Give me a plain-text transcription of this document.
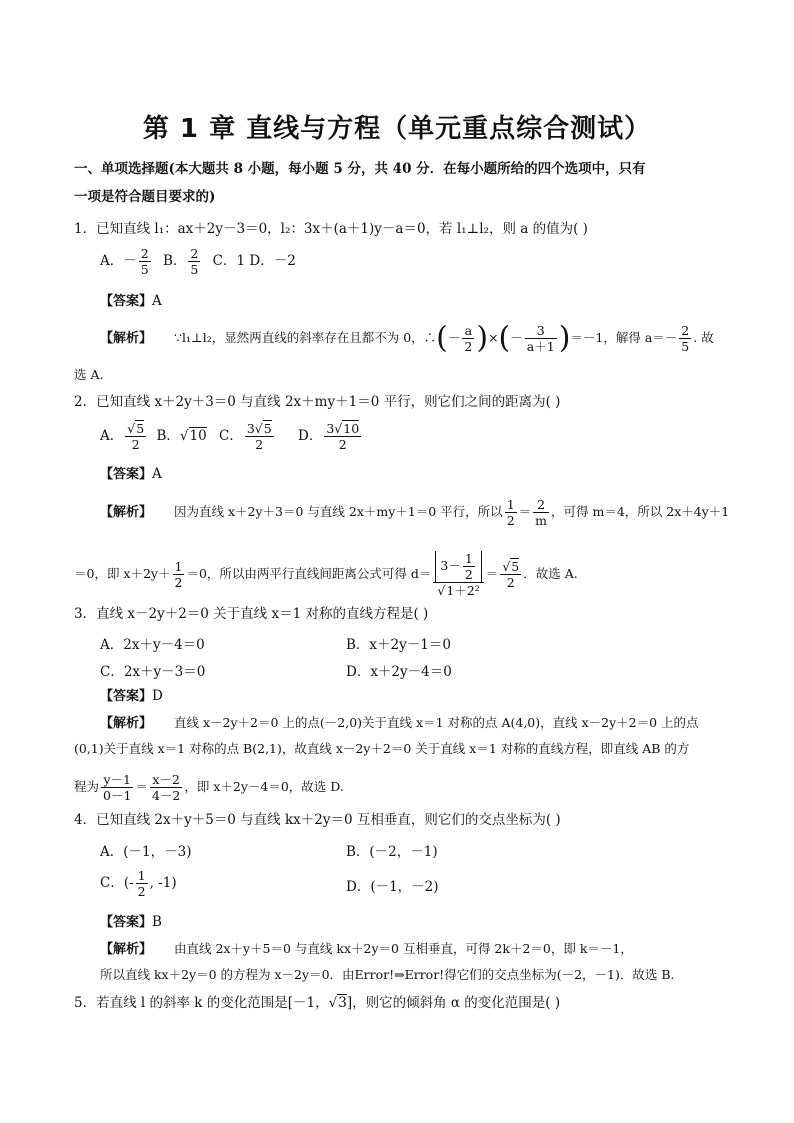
第 1 章 直线与方程（单元重点综合测试）
一、单项选择题(本大题共 8 小题，每小题 5 分，共 40 分．在每小题所给的四个选项中，只有
一项是符合题目要求的)
1．已知直线 l₁：ax＋2y－3＝0，l₂：3x＋(a＋1)y－a＝0，若 l₁⊥l₂，则 a 的值为( )
A．－ $\frac{2}{5}$ B． $\frac{2}{5}$ C．1 D．－2
【答案】A
【解析】 ∵l₁⊥l₂，显然两直线的斜率存在且都不为 0，∴(－ $\frac{a}{2}$ )×(－ $\frac{3}{a+1} )=-1$，解得 $a=- \frac{2}{5}$ . 故
选 A.
2．已知直线 x＋2y＋3＝0 与直线 2x＋my＋1＝0 平行，则它们之间的距离为( )
A． $\frac{√5}{2}$ B．√10 C． $\frac{3√5}{2}$ D． $\frac{3√10}{2}$
【答案】A
【解析】 因为直线 x＋2y＋3＝0 与直线 2x＋my＋1＝0 平行，所以 $\frac{1}{2} = \frac{2}{m}$ ，可得 m＝4，所以 2x＋4y＋1
＝0，即 $x+2y+ \frac{1}{2} =0$，所以由两平行直线间距离公式可得 $d= \frac{3- \frac{1}{2}}{\text{√1＋2²}} = \frac{√5}{2}$ ．故选 A.
3．直线 x－2y＋2＝0 关于直线 x＝1 对称的直线方程是( )
A．2x＋y－4＝0	B．x＋2y－1＝0
C．2x＋y－3＝0	D．x＋2y－4＝0
【答案】D
【解析】 直线 x－2y＋2＝0 上的点(－2,0)关于直线 x＝1 对称的点 A(4,0)，直线 x－2y＋2＝0 上的点
(0,1)关于直线 x＝1 对称的点 B(2,1)，故直线 x－2y＋2＝0 关于直线 x＝1 对称的直线方程，即直线 AB 的方
程为 $\frac{y-1}{0-1} = \frac{x-2}{4-2}$ ，即 x＋2y－4＝0，故选 D.
4．已知直线 2x＋y＋5＝0 与直线 kx＋2y＝0 互相垂直，则它们的交点坐标为( )
A．(－1，－3)	B．(－2，－1)
C．(- $\frac{1}{2}$ , -1)	D．(－1，－2)
【答案】B
【解析】 由直线 2x＋y＋5＝0 与直线 kx＋2y＝0 互相垂直，可得 2k＋2＝0，即 k＝－1，
所以直线 kx＋2y＝0 的方程为 x－2y＝0．由Error!⇒Error!得它们的交点坐标为(－2，－1)．故选 B.
5．若直线 l 的斜率 k 的变化范围是[－1，√3]，则它的倾斜角 α 的变化范围是( )
